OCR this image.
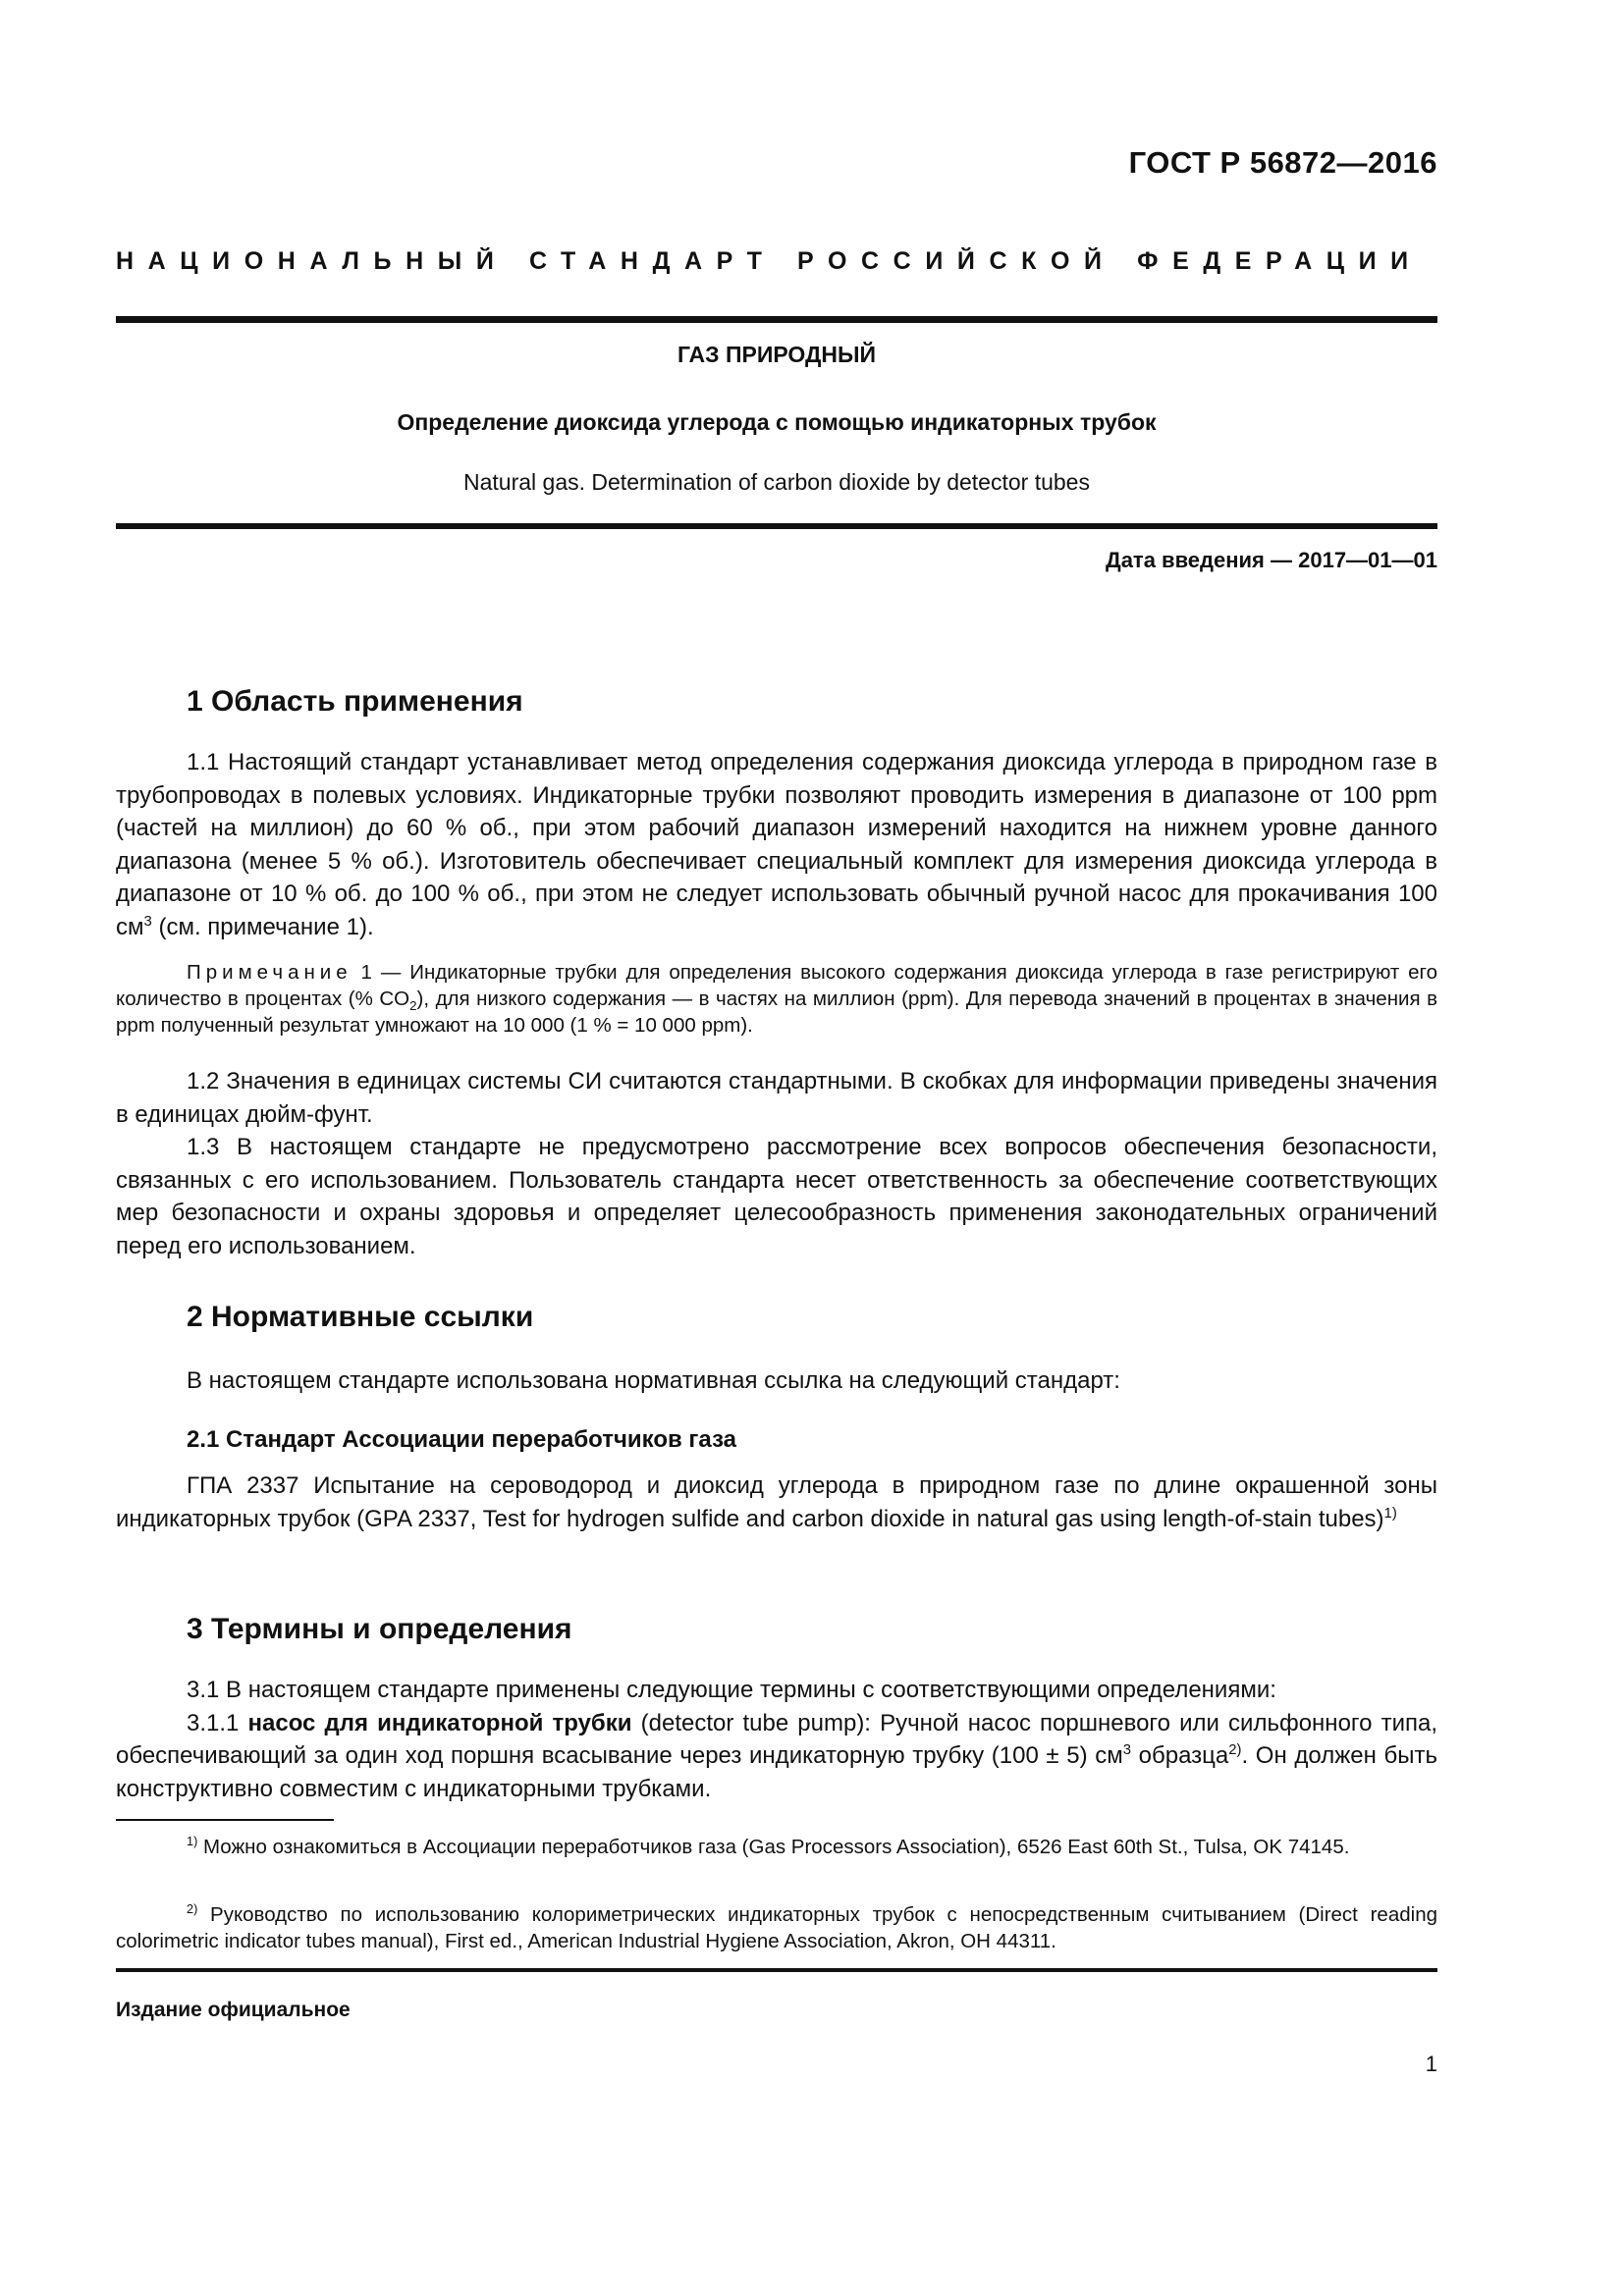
ГОСТ Р 56872—2016
НАЦИОНАЛЬНЫЙ СТАНДАРТ РОССИЙСКОЙ ФЕДЕРАЦИИ
ГАЗ ПРИРОДНЫЙ
Определение диоксида углерода с помощью индикаторных трубок
Natural gas. Determination of carbon dioxide by detector tubes
Дата введения — 2017—01—01
1 Область применения

1.1 Настоящий стандарт устанавливает метод определения содержания диоксида углерода в природном газе в трубопроводах в полевых условиях. Индикаторные трубки позволяют проводить измерения в диапазоне от 100 ppm (частей на миллион) до 60 % об., при этом рабочий диапазон измерений находится на нижнем уровне данного диапазона (менее 5 % об.). Изготовитель обеспечивает специальный комплект для измерения диоксида углерода в диапазоне от 10 % об. до 100 % об., при этом не следует использовать обычный ручной насос для прокачивания 100 $см^3$ (см. примечание 1).

Примечание 1 — Индикаторные трубки для определения высокого содержания диоксида углерода в газе регистрируют его количество в процентах (% $CO_2$), для низкого содержания — в частях на миллион (ppm). Для перевода значений в процентах в значения в ppm полученный результат умножают на 10 000 (1 % = 10 000 ppm).

1.2 Значения в единицах системы СИ считаются стандартными. В скобках для информации приведены значения в единицах дюйм-фунт.

1.3 В настоящем стандарте не предусмотрено рассмотрение всех вопросов обеспечения безопасности, связанных с его использованием. Пользователь стандарта несет ответственность за обеспечение соответствующих мер безопасности и охраны здоровья и определяет целесообразность применения законодательных ограничений перед его использованием.

2 Нормативные ссылки

В настоящем стандарте использована нормативная ссылка на следующий стандарт:

2.1 Стандарт Ассоциации переработчиков газа

ГПА 2337 Испытание на сероводород и диоксид углерода в природном газе по длине окрашенной зоны индикаторных трубок (GPA 2337, Test for hydrogen sulfide and carbon dioxide in natural gas using length-of-stain tubes)$^{1)}$

3 Термины и определения

3.1 В настоящем стандарте применены следующие термины с соответствующими определениями:

3.1.1 насос для индикаторной трубки (detector tube pump): Ручной насос поршневого или сильфонного типа, обеспечивающий за один ход поршня всасывание через индикаторную трубку (100 ± 5) $см^3$ образца$^{2)}$. Он должен быть конструктивно совместим с индикаторными трубками.

$^{1)}$ Можно ознакомиться в Ассоциации переработчиков газа (Gas Processors Association), 6526 East 60th St., Tulsa, OK 74145.

$^{2)}$ Руководство по использованию колориметрических индикаторных трубок с непосредственным считыванием (Direct reading colorimetric indicator tubes manual), First ed., American Industrial Hygiene Association, Akron, OH 44311.

Издание официальное
1
